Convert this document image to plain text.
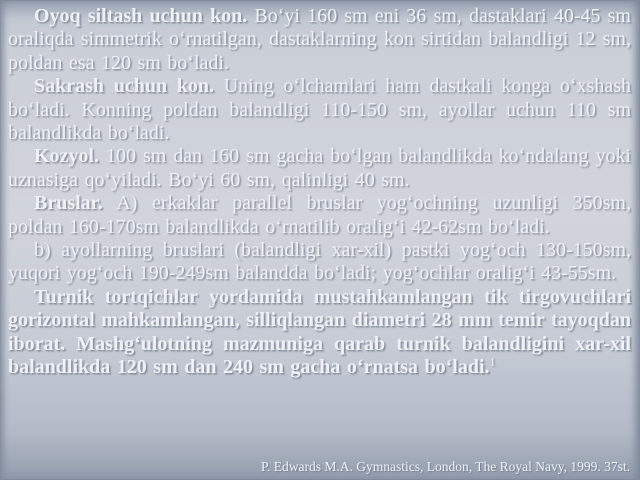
Oyoq siltash uchun kon. Bo‘yi 160 sm eni 36 sm, dastaklari 40-45 sm oraliqda simmetrik o‘rnatilgan, dastaklarning kon sirtidan balandligi 12 sm, poldan esa 120 sm bo‘ladi.

Sakrash uchun kon. Uning o‘lchamlari ham dastkali konga o‘xshash bo‘ladi. Konning poldan balandligi 110-150 sm, ayollar uchun 110 sm balandlikda bo‘ladi.

Kozyol. 100 sm dan 160 sm gacha bo‘lgan balandlikda ko‘ndalang yoki uznasiga qo‘yiladi. Bo‘yi 60 sm, qalinligi 40 sm.

Bruslar. A) erkaklar parallel bruslar yog‘ochning uzunligi 350sm, poldan 160-170sm balandlikda o‘rnatilib oralig‘i 42-62sm bo‘ladi.

b) ayollarning bruslari (balandligi xar-xil) pastki yog‘och 130-150sm, yuqori yog‘och 190-249sm balandda bo‘ladi; yog‘ochlar oralig‘i 43-55sm.

Turnik tortqichlar yordamida mustahkamlangan tik tirgovuchlari gorizontal mahkamlangan, silliqlangan diametri 28 mm temir tayoqdan iborat. Mashg‘ulotning mazmuniga qarab turnik balandligini xar-xil balandlikda 120 sm dan 240 sm gacha o‘rnatsa bo‘ladi.$^1$

P. Edwards M.A. Gymnastics, London, The Royal Navy, 1999. 37st.
